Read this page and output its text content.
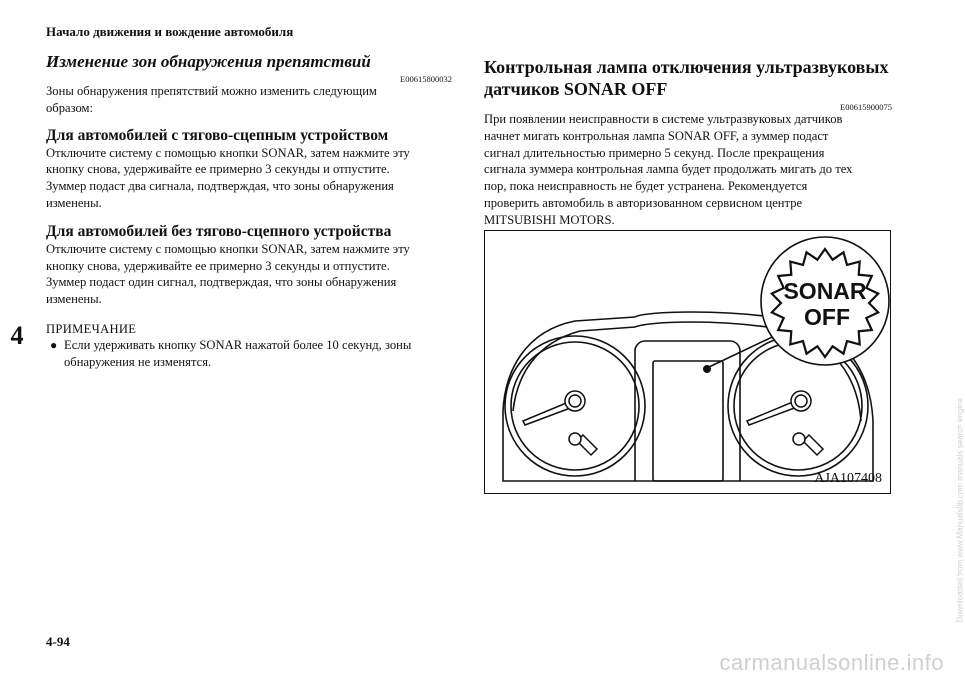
Начало движения и вождение автомобиля
4
Изменение зон обнаружения препятствий
E00615800032
Зоны обнаружения препятствий можно изменить следующим
образом:
Для автомобилей с тягово-сцепным устройством
Отключите систему с помощью кнопки SONAR, затем нажмите эту
кнопку снова, удерживайте ее примерно 3 секунды и отпустите.
Зуммер подаст два сигнала, подтверждая, что зоны обнаружения
изменены.
Для автомобилей без тягово-сцепного устройства
Отключите систему с помощью кнопки SONAR, затем нажмите эту
кнопку снова, удерживайте ее примерно 3 секунды и отпустите.
Зуммер подаст один сигнал, подтверждая, что зоны обнаружения
изменены.
ПРИМЕЧАНИЕ
● Если удерживать кнопку SONAR нажатой более 10 секунд, зоны
обнаружения не изменятся.
Контрольная лампа отключения ультразвуковых
датчиков SONAR OFF
E00615900075
При появлении неисправности в системе ультразвуковых датчиков
начнет мигать контрольная лампа SONAR OFF, а зуммер подаст
сигнал длительностью примерно 5 секунд. После прекращения
сигнала зуммера контрольная лампа будет продолжать мигать до тех
пор, пока неисправность не будет устранена. Рекомендуется
проверить автомобиль в авторизованном сервисном центре
MITSUBISHI MOTORS.
SONAR
OFF
AJA107408
4-94
carmanualsonline.info
Downloaded from www.Manualslib.com manuals search engine
